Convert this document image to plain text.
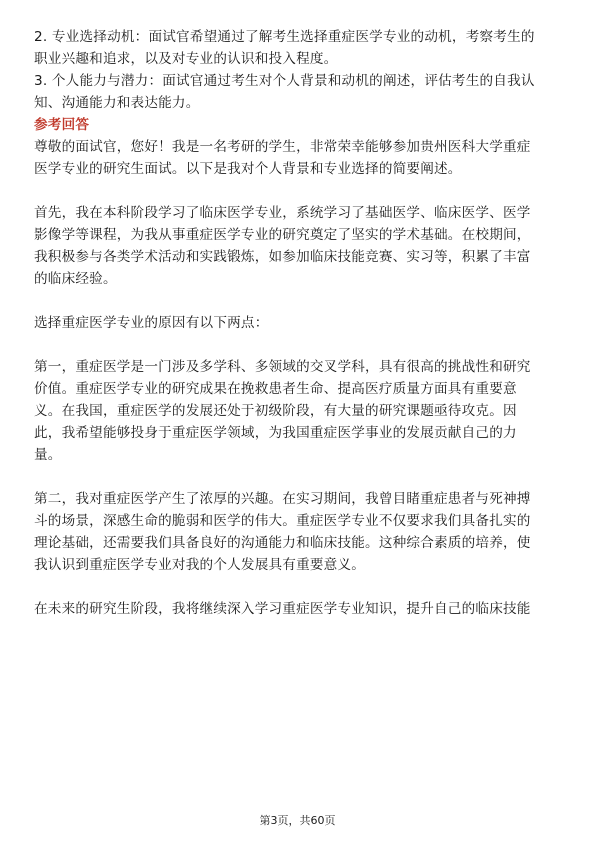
2. 专业选择动机：面试官希望通过了解考生选择重症医学专业的动机，考察考生的
职业兴趣和追求，以及对专业的认识和投入程度。
3. 个人能力与潜力：面试官通过考生对个人背景和动机的阐述，评估考生的自我认
知、沟通能力和表达能力。
参考回答
尊敬的面试官，您好！我是一名考研的学生，非常荣幸能够参加贵州医科大学重症
医学专业的研究生面试。以下是我对个人背景和专业选择的简要阐述。
首先，我在本科阶段学习了临床医学专业，系统学习了基础医学、临床医学、医学
影像学等课程，为我从事重症医学专业的研究奠定了坚实的学术基础。在校期间，
我积极参与各类学术活动和实践锻炼，如参加临床技能竞赛、实习等，积累了丰富
的临床经验。
选择重症医学专业的原因有以下两点：
第一，重症医学是一门涉及多学科、多领域的交叉学科，具有很高的挑战性和研究
价值。重症医学专业的研究成果在挽救患者生命、提高医疗质量方面具有重要意
义。在我国，重症医学的发展还处于初级阶段，有大量的研究课题亟待攻克。因
此，我希望能够投身于重症医学领域，为我国重症医学事业的发展贡献自己的力
量。
第二，我对重症医学产生了浓厚的兴趣。在实习期间，我曾目睹重症患者与死神搏
斗的场景，深感生命的脆弱和医学的伟大。重症医学专业不仅要求我们具备扎实的
理论基础，还需要我们具备良好的沟通能力和临床技能。这种综合素质的培养，使
我认识到重症医学专业对我的个人发展具有重要意义。
在未来的研究生阶段，我将继续深入学习重症医学专业知识，提升自己的临床技能
第3页，共60页
